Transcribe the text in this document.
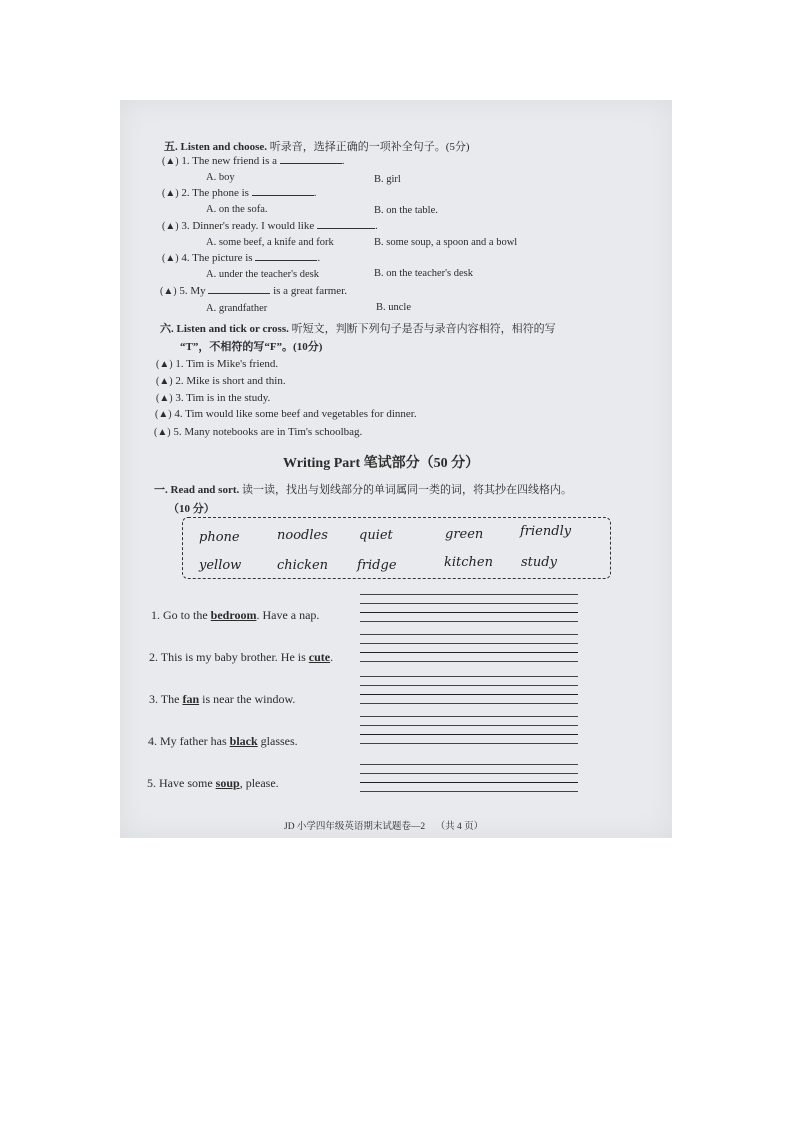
五. Listen and choose. 听录音，选择正确的一项补全句子。(5分)
(▲) 1. The new friend is a	.
A. boy	B. girl
(▲) 2. The phone is	.
A. on the sofa.	B. on the table.
(▲) 3. Dinner's ready. I would like	.
A. some beef, a knife and fork	B. some soup, a spoon and a bowl
(▲) 4. The picture is	.
A. under the teacher's desk	B. on the teacher's desk
(▲) 5. My	is a great farmer.
A. grandfather	B. uncle
六. Listen and tick or cross. 听短文，判断下列句子是否与录音内容相符，相符的写
“T”，不相符的写“F”。(10分)
(▲) 1. Tim is Mike's friend.
(▲) 2. Mike is short and thin.
(▲) 3. Tim is in the study.
(▲) 4. Tim would like some beef and vegetables for dinner.
(▲) 5. Many notebooks are in Tim's schoolbag.
Writing Part 笔试部分（50 分）
一. Read and sort. 读一读，找出与划线部分的单词属同一类的词，将其抄在四线格内。
（10 分）
phone	noodles quiet	green	friendly
yellow	chicken fridge	kitchen study
1. Go to the bedroom. Have a nap.
2. This is my baby brother. He is cute.
3. The fan is near the window.
4. My father has black glasses.
5. Have some soup, please.
JD 小学四年级英语期末试题卷—2 （共 4 页）
